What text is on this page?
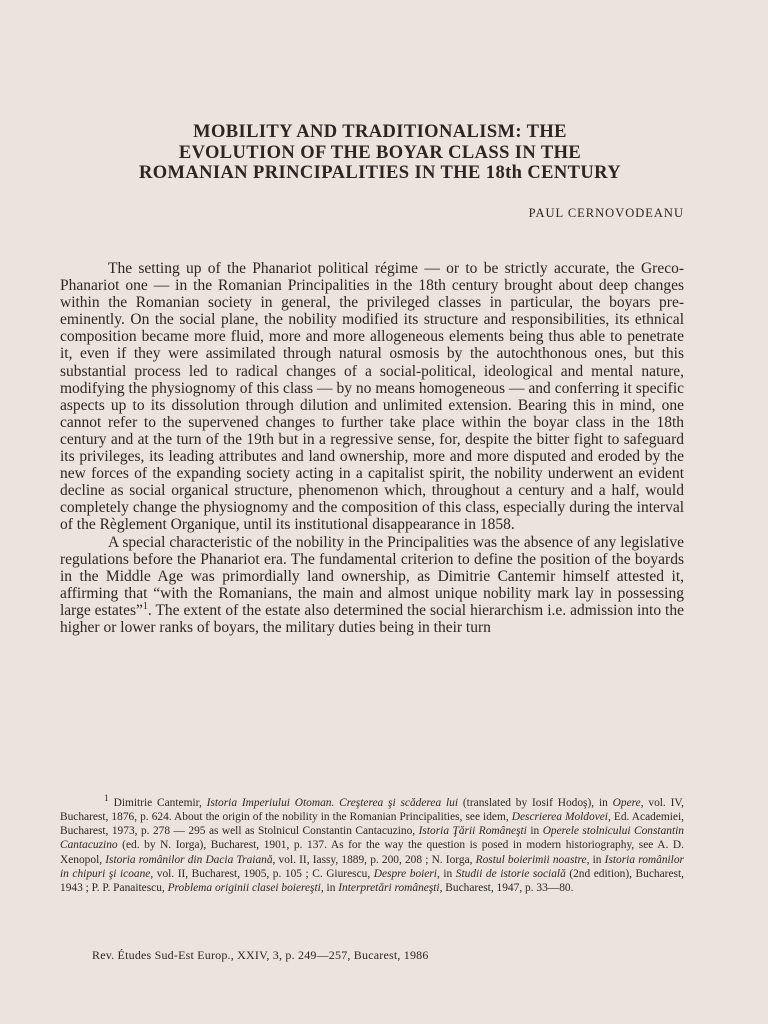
MOBILITY AND TRADITIONALISM: THE
EVOLUTION OF THE BOYAR CLASS IN THE
ROMANIAN PRINCIPALITIES IN THE 18th CENTURY

PAUL CERNOVODEANU

The setting up of the Phanariot political régime — or to be strictly accurate, the Greco-Phanariot one — in the Romanian Principalities in the 18th century brought about deep changes within the Romanian society in general, the privileged classes in particular, the boyars pre-eminently. On the social plane, the nobility modified its structure and responsibilities, its ethnical composition became more fluid, more and more allogeneous elements being thus able to penetrate it, even if they were assimilated through natural osmosis by the autochthonous ones, but this substantial process led to radical changes of a social-political, ideological and mental nature, modifying the physiognomy of this class — by no means homogeneous — and conferring it specific aspects up to its dissolution through dilution and unlimited extension. Bearing this in mind, one cannot refer to the supervened changes to further take place within the boyar class in the 18th century and at the turn of the 19th but in a regressive sense, for, despite the bitter fight to safeguard its privileges, its leading attributes and land ownership, more and more disputed and eroded by the new forces of the expanding society acting in a capitalist spirit, the nobility underwent an evident decline as social organical structure, phenomenon which, throughout a century and a half, would completely change the physiognomy and the composition of this class, especially during the interval of the Règlement Organique, until its institutional disappearance in 1858.

A special characteristic of the nobility in the Principalities was the absence of any legislative regulations before the Phanariot era. The fundamental criterion to define the position of the boyards in the Middle Age was primordially land ownership, as Dimitrie Cantemir himself attested it, affirming that “with the Romanians, the main and almost unique nobility mark lay in possessing large estates”$^1$. The extent of the estate also determined the social hierarchism i.e. admission into the higher or lower ranks of boyars, the military duties being in their turn

$^1$ Dimitrie Cantemir, Istoria Imperiului Otoman. Creşterea şi scăderea lui (translated by Iosif Hodoş), in Opere, vol. IV, Bucharest, 1876, p. 624. About the origin of the nobility in the Romanian Principalities, see idem, Descrierea Moldovei, Ed. Academiei, Bucharest, 1973, p. 278 — 295 as well as Stolnicul Constantin Cantacuzino, Istoria Ţării Româneşti in Operele stolnicului Constantin Cantacuzino (ed. by N. Iorga), Bucharest, 1901, p. 137. As for the way the question is posed in modern historiography, see A. D. Xenopol, Istoria românilor din Dacia Traiană, vol. II, Iassy, 1889, p. 200, 208 ; N. Iorga, Rostul boierimii noastre, in Istoria românilor in chipuri şi icoane, vol. II, Bucharest, 1905, p. 105 ; C. Giurescu, Despre boieri, in Studii de istorie socială (2nd edition), Bucharest, 1943 ; P. P. Panaitescu, Problema originii clasei boiereşti, in Interpretări româneşti, Bucharest, 1947, p. 33—80.

Rev. Études Sud-Est Europ., XXIV, 3, p. 249—257, Bucarest, 1986
